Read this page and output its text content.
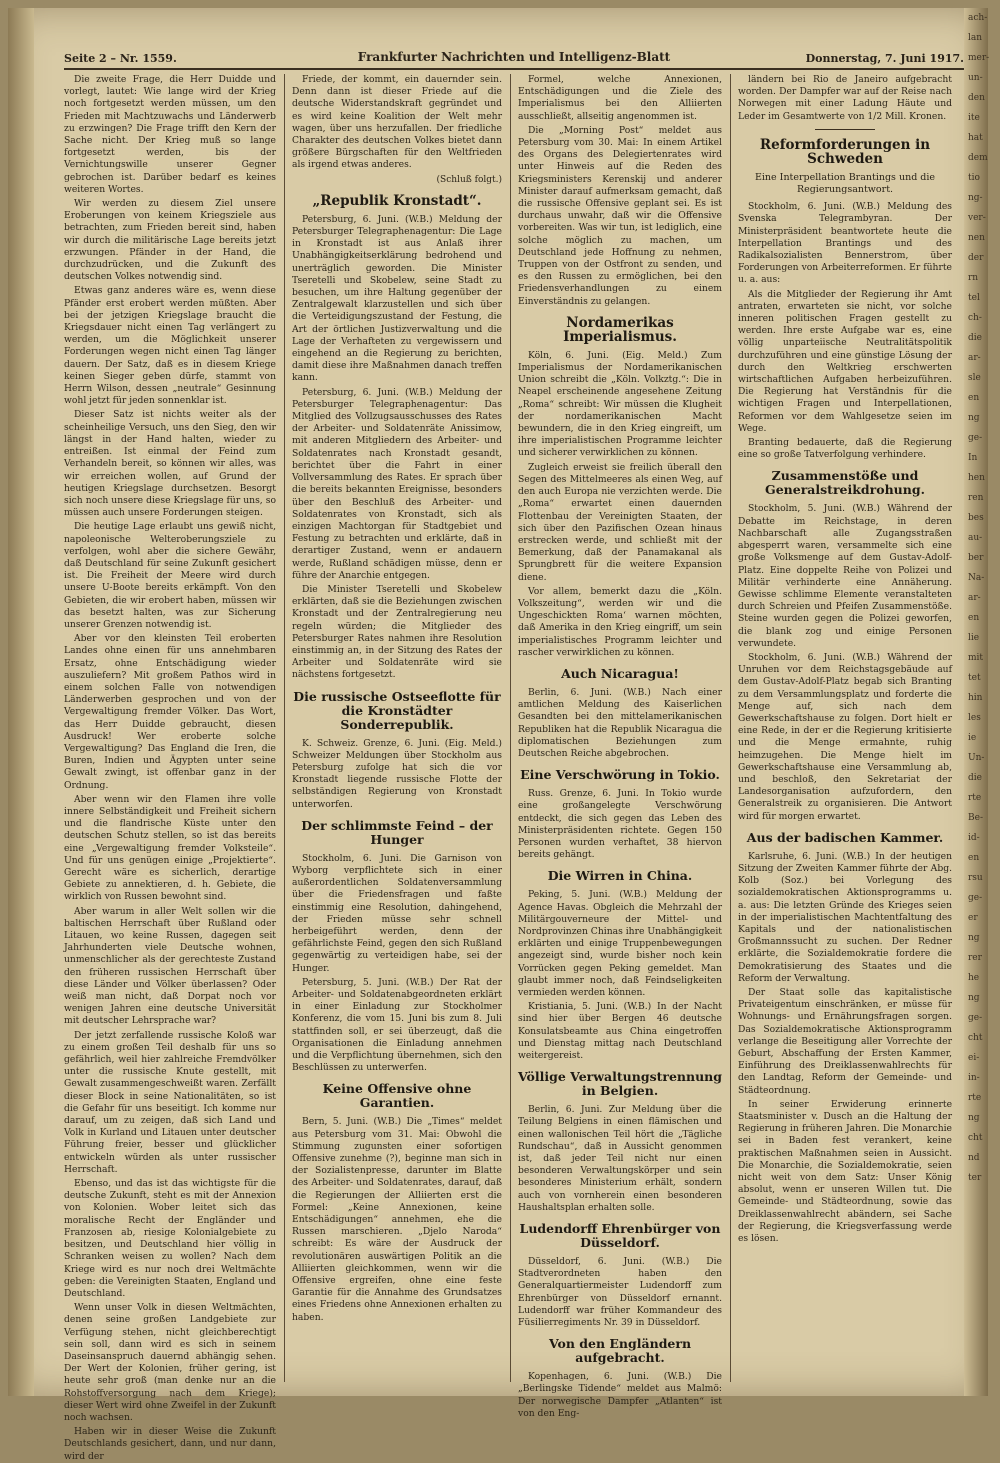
Seite 2 – Nr. 1559.	Frankfurter Nachrichten und Intelligenz-Blatt	Donnerstag, 7. Juni 1917.

Die zweite Frage, die Herr Duidde und vorlegt, lautet: Wie lange wird der Krieg noch fortgesetzt werden müssen, um den Frieden mit Machtzuwachs und Länderwerb zu erzwingen? Die Frage trifft den Kern der Sache nicht. Der Krieg muß so lange fortgesetzt werden, bis der Vernichtungswille unserer Gegner gebrochen ist. Darüber bedarf es keines weiteren Wortes.

Wir werden zu diesem Ziel unsere Eroberungen von keinem Kriegsziele aus betrachten, zum Frieden bereit sind, haben wir durch die militärische Lage bereits jetzt erzwungen. Pfänder in der Hand, die durchzudrücken, und die Zukunft des deutschen Volkes notwendig sind.

Etwas ganz anderes wäre es, wenn diese Pfänder erst erobert werden müßten. Aber bei der jetzigen Kriegslage braucht die Kriegsdauer nicht einen Tag verlängert zu werden, um die Möglichkeit unserer Forderungen wegen nicht einen Tag länger dauern. Der Satz, daß es in diesem Kriege keinen Sieger geben dürfe, stammt von Herrn Wilson, dessen „neutrale“ Gesinnung wohl jetzt für jeden sonnenklar ist.

Dieser Satz ist nichts weiter als der scheinheilige Versuch, uns den Sieg, den wir längst in der Hand halten, wieder zu entreißen. Ist einmal der Feind zum Verhandeln bereit, so können wir alles, was wir erreichen wollen, auf Grund der heutigen Kriegslage durchsetzen. Besorgt sich noch unsere diese Kriegslage für uns, so müssen auch unsere Forderungen steigen.

Die heutige Lage erlaubt uns gewiß nicht, napoleonische Welteroberungsziele zu verfolgen, wohl aber die sichere Gewähr, daß Deutschland für seine Zukunft gesichert ist. Die Freiheit der Meere wird durch unsere U-Boote bereits erkämpft. Von den Gebieten, die wir erobert haben, müssen wir das besetzt halten, was zur Sicherung unserer Grenzen notwendig ist.

Aber vor den kleinsten Teil eroberten Landes ohne einen für uns annehmbaren Ersatz, ohne Entschädigung wieder auszuliefern? Mit großem Pathos wird in einem solchen Falle von notwendigen Länderwerben gesprochen und von der Vergewaltigung fremder Völker. Das Wort, das Herr Duidde gebraucht, diesen Ausdruck! Wer eroberte solche Vergewaltigung? Das England die Iren, die Buren, Indien und Ägypten unter seine Gewalt zwingt, ist offenbar ganz in der Ordnung.

Aber wenn wir den Flamen ihre volle innere Selbständigkeit und Freiheit sichern und die flandrische Küste unter den deutschen Schutz stellen, so ist das bereits eine „Vergewaltigung fremder Volksteile“. Und für uns genügen einige „Projektierte“. Gerecht wäre es sicherlich, derartige Gebiete zu annektieren, d. h. Gebiete, die wirklich von Russen bewohnt sind.

Aber warum in aller Welt sollen wir die baltischen Herrschaft über Rußland oder Litauen, wo keine Russen, dagegen seit Jahrhunderten viele Deutsche wohnen, unmenschlicher als der gerechteste Zustand den früheren russischen Herrschaft über diese Länder und Völker überlassen? Oder weiß man nicht, daß Dorpat noch vor wenigen Jahren eine deutsche Universität mit deutscher Lehrsprache war?

Der jetzt zerfallende russische Koloß war zu einem großen Teil deshalb für uns so gefährlich, weil hier zahlreiche Fremdvölker unter die russische Knute gestellt, mit Gewalt zusammengeschweißt waren. Zerfällt dieser Block in seine Nationalitäten, so ist die Gefahr für uns beseitigt. Ich komme nur darauf, um zu zeigen, daß sich Land und Volk in Kurland und Litauen unter deutscher Führung freier, besser und glücklicher entwickeln würden als unter russischer Herrschaft.

Ebenso, und das ist das wichtigste für die deutsche Zukunft, steht es mit der Annexion von Kolonien. Wober leitet sich das moralische Recht der Engländer und Franzosen ab, riesige Kolonialgebiete zu besitzen, und Deutschland hier völlig in Schranken weisen zu wollen? Nach dem Kriege wird es nur noch drei Weltmächte geben: die Vereinigten Staaten, England und Deutschland.

Wenn unser Volk in diesen Weltmächten, denen seine großen Landgebiete zur Verfügung stehen, nicht gleichberechtigt sein soll, dann wird es sich in seinem Daseinsanspruch dauernd abhängig sehen. Der Wert der Kolonien, früher gering, ist heute sehr groß (man denke nur an die Rohstoffversorgung nach dem Kriege); dieser Wert wird ohne Zweifel in der Zukunft noch wachsen.

Haben wir in dieser Weise die Zukunft Deutschlands gesichert, dann, und nur dann, wird der

Friede, der kommt, ein dauernder sein. Denn dann ist dieser Friede auf die deutsche Widerstandskraft gegründet und es wird keine Koalition der Welt mehr wagen, über uns herzufallen. Der friedliche Charakter des deutschen Volkes bietet dann größere Bürgschaften für den Weltfrieden als irgend etwas anderes.

(Schluß folgt.)
„Republik Kronstadt“.

Petersburg, 6. Juni. (W.B.) Meldung der Petersburger Telegraphenagentur: Die Lage in Kronstadt ist aus Anlaß ihrer Unabhängigkeitserklärung bedrohend und unerträglich geworden. Die Minister Tseretelli und Skobelew, seine Stadt zu besuchen, um ihre Haltung gegenüber der Zentralgewalt klarzustellen und sich über die Verteidigungszustand der Festung, die Art der örtlichen Justizverwaltung und die Lage der Verhafteten zu vergewissern und eingehend an die Regierung zu berichten, damit diese ihre Maßnahmen danach treffen kann.

Petersburg, 6. Juni. (W.B.) Meldung der Petersburger Telegraphenagentur: Das Mitglied des Vollzugsausschusses des Rates der Arbeiter- und Soldatenräte Anissimow, mit anderen Mitgliedern des Arbeiter- und Soldatenrates nach Kronstadt gesandt, berichtet über die Fahrt in einer Vollversammlung des Rates. Er sprach über die bereits bekannten Ereignisse, besonders über den Beschluß des Arbeiter- und Soldatenrates von Kronstadt, sich als einzigen Machtorgan für Stadtgebiet und Festung zu betrachten und erklärte, daß in derartiger Zustand, wenn er andauern werde, Rußland schädigen müsse, denn er führe der Anarchie entgegen.

Die Minister Tseretelli und Skobelew erklärten, daß sie die Beziehungen zwischen Kronstadt und der Zentralregierung neu regeln würden; die Mitglieder des Petersburger Rates nahmen ihre Resolution einstimmig an, in der Sitzung des Rates der Arbeiter und Soldatenräte wird sie nächstens fortgesetzt.

Die russische Ostseeflotte für die Kronstädter Sonderrepublik.

K. Schweiz. Grenze, 6. Juni. (Eig. Meld.) Schweizer Meldungen über Stockholm aus Petersburg zufolge hat sich die vor Kronstadt liegende russische Flotte der selbständigen Regierung von Kronstadt unterworfen.

Der schlimmste Feind – der Hunger

Stockholm, 6. Juni. Die Garnison von Wyborg verpflichtete sich in einer außerordentlichen Soldatenversammlung über die Friedensfragen und faßte einstimmig eine Resolution, dahingehend, der Frieden müsse sehr schnell herbeigeführt werden, denn der gefährlichste Feind, gegen den sich Rußland gegenwärtig zu verteidigen habe, sei der Hunger.

Petersburg, 5. Juni. (W.B.) Der Rat der Arbeiter- und Soldatenabgeordneten erklärt in einer Einladung zur Stockholmer Konferenz, die vom 15. Juni bis zum 8. Juli stattfinden soll, er sei überzeugt, daß die Organisationen die Einladung annehmen und die Verpflichtung übernehmen, sich den Beschlüssen zu unterwerfen.

Keine Offensive ohne Garantien.

Bern, 5. Juni. (W.B.) Die „Times“ meldet aus Petersburg vom 31. Mai: Obwohl die Stimmung zugunsten einer sofortigen Offensive zunehme (?), beginne man sich in der Sozialistenpresse, darunter im Blatte des Arbeiter- und Soldatenrates, darauf, daß die Regierungen der Alliierten erst die Formel: „Keine Annexionen, keine Entschädigungen“ annehmen, ehe die Russen marschieren. „Djelo Naroda“ schreibt: Es wäre der Ausdruck der revolutionären auswärtigen Politik an die Alliierten gleichkommen, wenn wir die Offensive ergreifen, ohne eine feste Garantie für die Annahme des Grundsatzes eines Friedens ohne Annexionen erhalten zu haben.

Formel, welche Annexionen, Entschädigungen und die Ziele des Imperialismus bei den Alliierten ausschließt, allseitig angenommen ist.

Die „Morning Post“ meldet aus Petersburg vom 30. Mai: In einem Artikel des Organs des Delegiertenrates wird unter Hinweis auf die Reden des Kriegsministers Kerenskij und anderer Minister darauf aufmerksam gemacht, daß die russische Offensive geplant sei. Es ist durchaus unwahr, daß wir die Offensive vorbereiten. Was wir tun, ist lediglich, eine solche möglich zu machen, um Deutschland jede Hoffnung zu nehmen, Truppen von der Ostfront zu senden, und es den Russen zu ermöglichen, bei den Friedensverhandlungen zu einem Einverständnis zu gelangen.

Nordamerikas Imperialismus.

Köln, 6. Juni. (Eig. Meld.) Zum Imperialismus der Nordamerikanischen Union schreibt die „Köln. Volkztg.“: Die in Neapel erscheinende angesehene Zeitung „Roma“ schreibt: Wir müssen die Klugheit der nordamerikanischen Macht bewundern, die in den Krieg eingreift, um ihre imperialistischen Programme leichter und sicherer verwirklichen zu können.

Zugleich erweist sie freilich überall den Segen des Mittelmeeres als einen Weg, auf den auch Europa nie verzichten werde. Die „Roma“ erwartet einen dauernden Flottenbau der Vereinigten Staaten, der sich über den Pazifischen Ozean hinaus erstrecken werde, und schließt mit der Bemerkung, daß der Panamakanal als Sprungbrett für die weitere Expansion diene.

Vor allem, bemerkt dazu die „Köln. Volkszeitung“, werden wir und die Ungeschickten Roma‘ warnen möchten, daß Amerika in den Krieg eingriff, um sein imperialistisches Programm leichter und rascher verwirklichen zu können.

Auch Nicaragua!

Berlin, 6. Juni. (W.B.) Nach einer amtlichen Meldung des Kaiserlichen Gesandten bei den mittelamerikanischen Republiken hat die Republik Nicaragua die diplomatischen Beziehungen zum Deutschen Reiche abgebrochen.

Eine Verschwörung in Tokio.

Russ. Grenze, 6. Juni. In Tokio wurde eine großangelegte Verschwörung entdeckt, die sich gegen das Leben des Ministerpräsidenten richtete. Gegen 150 Personen wurden verhaftet, 38 hiervon bereits gehängt.

Die Wirren in China.

Peking, 5. Juni. (W.B.) Meldung der Agence Havas. Obgleich die Mehrzahl der Militärgouverneure der Mittel- und Nordprovinzen Chinas ihre Unabhängigkeit erklärten und einige Truppenbewegungen angezeigt sind, wurde bisher noch kein Vorrücken gegen Peking gemeldet. Man glaubt immer noch, daß Feindseligkeiten vermieden werden können.

Kristiania, 5. Juni. (W.B.) In der Nacht sind hier über Bergen 46 deutsche Konsulatsbeamte aus China eingetroffen und Dienstag mittag nach Deutschland weitergereist.

Völlige Verwaltungstrennung in Belgien.

Berlin, 6. Juni. Zur Meldung über die Teilung Belgiens in einen flämischen und einen wallonischen Teil hört die „Tägliche Rundschau“, daß in Aussicht genommen ist, daß jeder Teil nicht nur einen besonderen Verwaltungskörper und sein besonderes Ministerium erhält, sondern auch von vornherein einen besonderen Haushaltsplan erhalten solle.

Ludendorff Ehrenbürger von Düsseldorf.

Düsseldorf, 6. Juni. (W.B.) Die Stadtverordneten haben den Generalquartiermeister Ludendorff zum Ehrenbürger von Düsseldorf ernannt. Ludendorff war früher Kommandeur des Füsilierregiments Nr. 39 in Düsseldorf.

Von den Engländern aufgebracht.

Kopenhagen, 6. Juni. (W.B.) Die „Berlingske Tidende“ meldet aus Malmö: Der norwegische Dampfer „Atlanten“ ist von den Eng-

ländern bei Rio de Janeiro aufgebracht worden. Der Dampfer war auf der Reise nach Norwegen mit einer Ladung Häute und Leder im Gesamtwerte von 1/2 Mill. Kronen.

Reformforderungen in Schweden
Eine Interpellation Brantings und die Regierungsantwort.

Stockholm, 6. Juni. (W.B.) Meldung des Svenska Telegrambyran. Der Ministerpräsident beantwortete heute die Interpellation Brantings und des Radikalsozialisten Bennerstrom, über Forderungen von Arbeiterreformen. Er führte u. a. aus:

Als die Mitglieder der Regierung ihr Amt antraten, erwarteten sie nicht, vor solche inneren politischen Fragen gestellt zu werden. Ihre erste Aufgabe war es, eine völlig unparteiische Neutralitätspolitik durchzuführen und eine günstige Lösung der durch den Weltkrieg erschwerten wirtschaftlichen Aufgaben herbeizuführen. Die Regierung hat Verständnis für die wichtigen Fragen und Interpellationen, Reformen vor dem Wahlgesetze seien im Wege.

Branting bedauerte, daß die Regierung eine so große Tatverfolgung verhindere.

Zusammenstöße und Generalstreikdrohung.

Stockholm, 5. Juni. (W.B.) Während der Debatte im Reichstage, in deren Nachbarschaft alle Zugangsstraßen abgesperrt waren, versammelte sich eine große Volksmenge auf dem Gustav-Adolf-Platz. Eine doppelte Reihe von Polizei und Militär verhinderte eine Annäherung. Gewisse schlimme Elemente veranstalteten durch Schreien und Pfeifen Zusammenstöße. Steine wurden gegen die Polizei geworfen, die blank zog und einige Personen verwundete.

Stockholm, 6. Juni. (W.B.) Während der Unruhen vor dem Reichstagsgebäude auf dem Gustav-Adolf-Platz begab sich Branting zu dem Versammlungsplatz und forderte die Menge auf, sich nach dem Gewerkschaftshause zu folgen. Dort hielt er eine Rede, in der er die Regierung kritisierte und die Menge ermahnte, ruhig heimzugehen. Die Menge hielt im Gewerkschaftshause eine Versammlung ab, und beschloß, den Sekretariat der Landesorganisation aufzufordern, den Generalstreik zu organisieren. Die Antwort wird für morgen erwartet.

Aus der badischen Kammer.

Karlsruhe, 6. Juni. (W.B.) In der heutigen Sitzung der Zweiten Kammer führte der Abg. Kolb (Soz.) bei Vorlegung des sozialdemokratischen Aktionsprogramms u. a. aus: Die letzten Gründe des Krieges seien in der imperialistischen Machtentfaltung des Kapitals und der nationalistischen Großmannssucht zu suchen. Der Redner erklärte, die Sozialdemokratie fordere die Demokratisierung des Staates und die Reform der Verwaltung.

Der Staat solle das kapitalistische Privateigentum einschränken, er müsse für Wohnungs- und Ernährungsfragen sorgen. Das Sozialdemokratische Aktionsprogramm verlange die Beseitigung aller Vorrechte der Geburt, Abschaffung der Ersten Kammer, Einführung des Dreiklassenwahlrechts für den Landtag, Reform der Gemeinde- und Städteordnung.

In seiner Erwiderung erinnerte Staatsminister v. Dusch an die Haltung der Regierung in früheren Jahren. Die Monarchie sei in Baden fest verankert, keine praktischen Maßnahmen seien in Aussicht. Die Monarchie, die Sozialdemokratie, seien nicht weit von dem Satz: Unser König absolut, wenn er unseren Willen tut. Die Gemeinde- und Städteordnung, sowie das Dreiklassenwahlrecht abändern, sei Sache der Regierung, die Kriegsverfassung werde es lösen.

ach-
lan
mer-
un-
den
ite
hat
dem
tio
ng-
ver-
nen
der
rn
tel
ch-
die
ar-
sle
en
ng
ge-
In
hen
ren
bes
au-
ber
Na-
ar-
en
lie
mit
tet
hin
les
ie
Un-
die
rte
Be-
id-
en
rsu
ge-
er
ng
rer
he
ng
ge-
cht
ei-
in-
rte
ng
cht
nd
ter
